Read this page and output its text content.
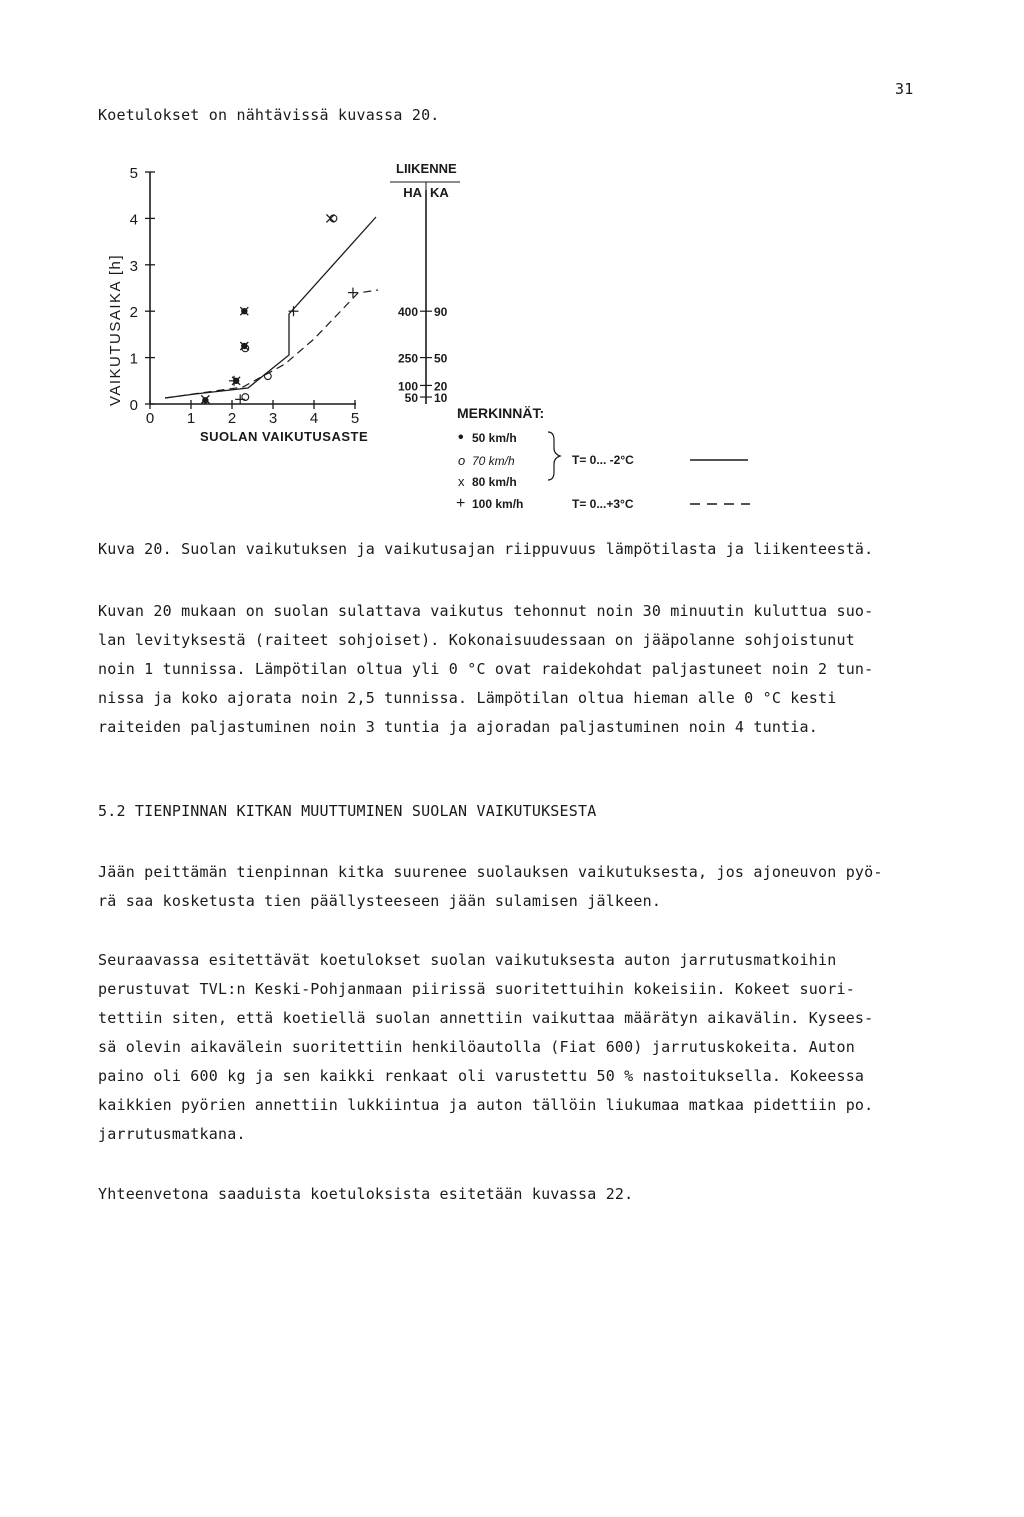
31
Koetulokset on nähtävissä kuvassa 20.
0
1
2
3
4
5
0 1 2 3 4 5
VAIKUTUSAIKA [h]
SUOLAN VAIKUTUSASTE
LIIKENNE
HA KA
400 90
250 50
100 20
50 10
MERKINNÄT:
• 50 km/h
o 70 km/h
x 80 km/h
+ 100 km/h
T= 0... -2°C
T= 0...+3°C
Kuva 20. Suolan vaikutuksen ja vaikutusajan riippuvuus lämpötilasta ja liikenteestä.
Kuvan 20 mukaan on suolan sulattava vaikutus tehonnut noin 30 minuutin kuluttua suo-
lan levityksestä (raiteet sohjoiset). Kokonaisuudessaan on jääpolanne sohjoistunut
noin 1 tunnissa. Lämpötilan oltua yli 0 °C ovat raidekohdat paljastuneet noin 2 tun-
nissa ja koko ajorata noin 2,5 tunnissa. Lämpötilan oltua hieman alle 0 °C kesti
raiteiden paljastuminen noin 3 tuntia ja ajoradan paljastuminen noin 4 tuntia.
5.2 TIENPINNAN KITKAN MUUTTUMINEN SUOLAN VAIKUTUKSESTA
Jään peittämän tienpinnan kitka suurenee suolauksen vaikutuksesta, jos ajoneuvon pyö-
rä saa kosketusta tien päällysteeseen jään sulamisen jälkeen.
Seuraavassa esitettävät koetulokset suolan vaikutuksesta auton jarrutusmatkoihin
perustuvat TVL:n Keski-Pohjanmaan piirissä suoritettuihin kokeisiin. Kokeet suori-
tettiin siten, että koetiellä suolan annettiin vaikuttaa määrätyn aikavälin. Kysees-
sä olevin aikavälein suoritettiin henkilöautolla (Fiat 600) jarrutuskokeita. Auton
paino oli 600 kg ja sen kaikki renkaat oli varustettu 50 % nastoituksella. Kokeessa
kaikkien pyörien annettiin lukkiintua ja auton tällöin liukumaa matkaa pidettiin po.
jarrutusmatkana.
Yhteenvetona saaduista koetuloksista esitetään kuvassa 22.
